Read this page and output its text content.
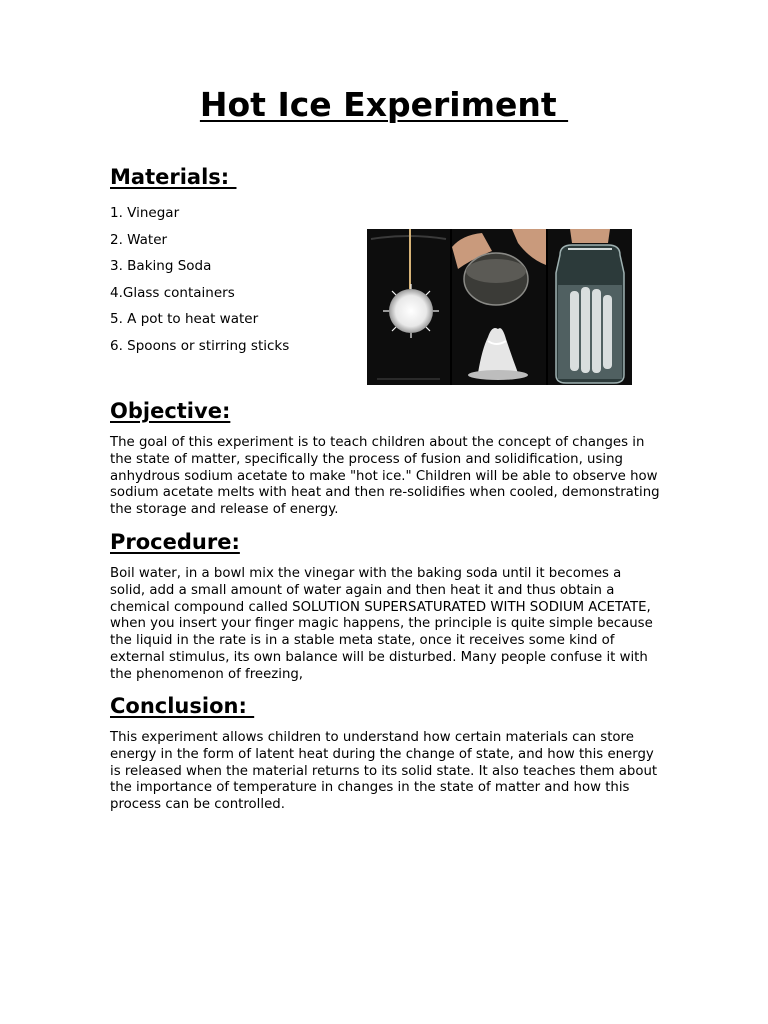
Hot Ice Experiment
Materials:
1. Vinegar
2. Water
3. Baking Soda
4.Glass containers
5. A pot to heat water
6. Spoons or stirring sticks
Objective:

The goal of this experiment is to teach children about the concept of changes in the state of matter, specifically the process of fusion and solidification, using anhydrous sodium acetate to make "hot ice." Children will be able to observe how sodium acetate melts with heat and then re-solidifies when cooled, demonstrating the storage and release of energy.

Procedure:

Boil water, in a bowl mix the vinegar with the baking soda until it becomes a solid, add a small amount of water again and then heat it and thus obtain a chemical compound called SOLUTION SUPERSATURATED WITH SODIUM ACETATE, when you insert your finger magic happens, the principle is quite simple because the liquid in the rate is in a stable meta state, once it receives some kind of external stimulus, its own balance will be disturbed. Many people confuse it with the phenomenon of freezing,

Conclusion:

This experiment allows children to understand how certain materials can store energy in the form of latent heat during the change of state, and how this energy is released when the material returns to its solid state. It also teaches them about the importance of temperature in changes in the state of matter and how this process can be controlled.
